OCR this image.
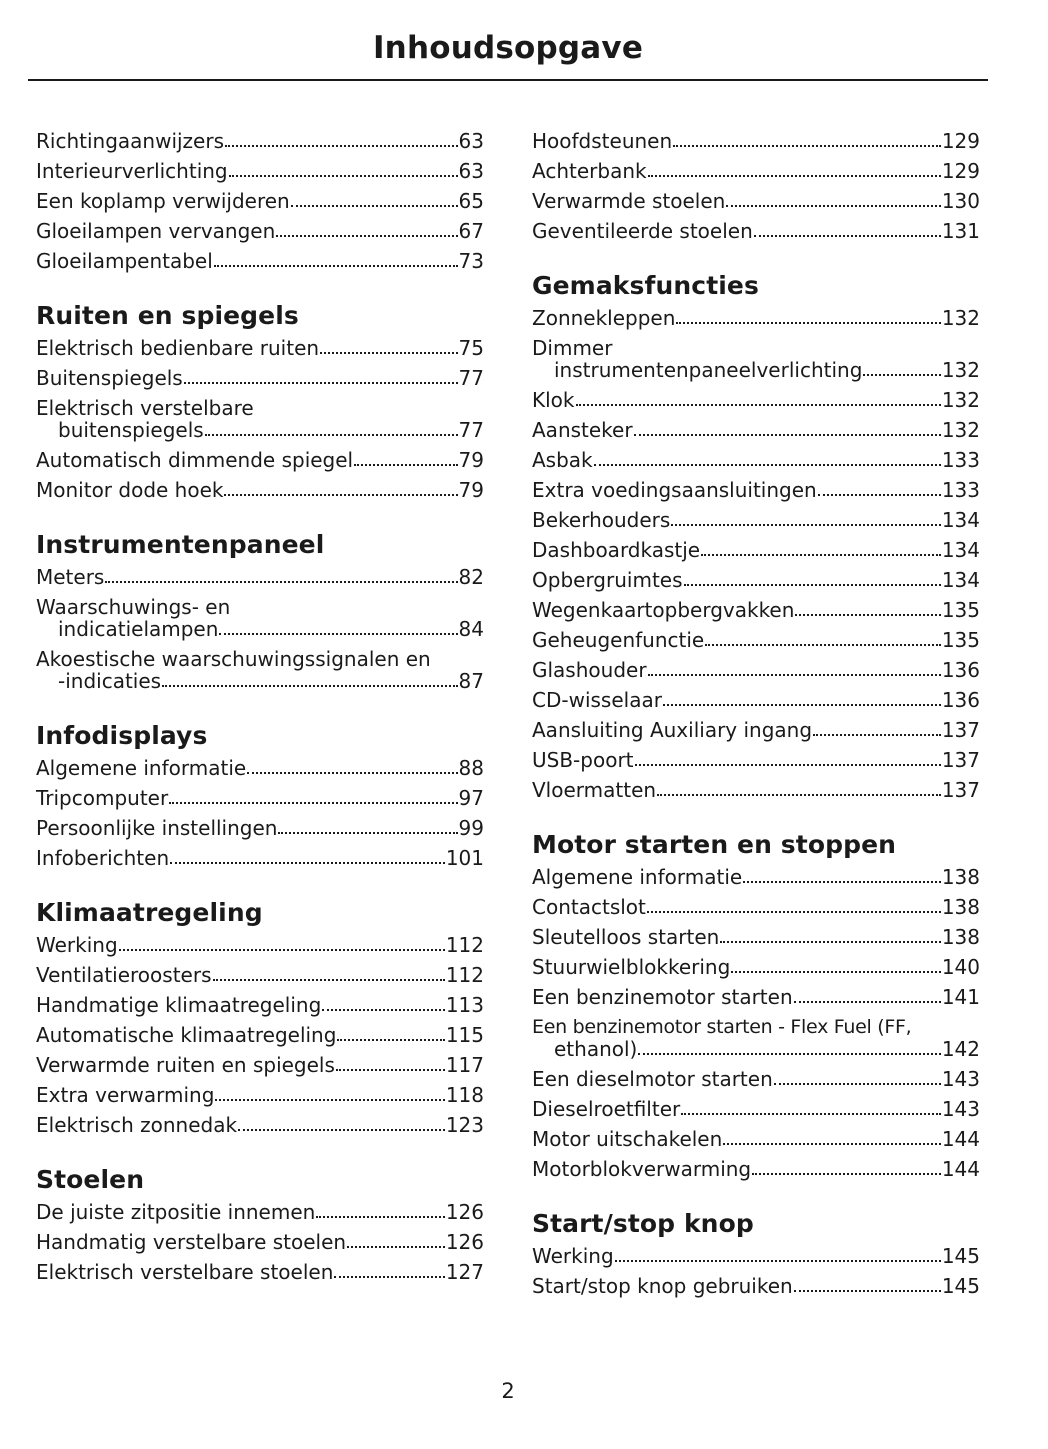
Inhoudsopgave
Richtingaanwijzers	63
Interieurverlichting	63
Een koplamp verwijderen	65
Gloeilampen vervangen	67
Gloeilampentabel	73
Ruiten en spiegels
Elektrisch bedienbare ruiten	75
Buitenspiegels	77
Elektrisch verstelbare
buitenspiegels	77
Automatisch dimmende spiegel	79
Monitor dode hoek	79
Instrumentenpaneel
Meters	82
Waarschuwings- en
indicatielampen	84
Akoestische waarschuwingssignalen en
-indicaties	87
Infodisplays
Algemene informatie	88
Tripcomputer	97
Persoonlijke instellingen	99
Infoberichten	101
Klimaatregeling
Werking	112
Ventilatieroosters	112
Handmatige klimaatregeling	113
Automatische klimaatregeling	115
Verwarmde ruiten en spiegels	117
Extra verwarming	118
Elektrisch zonnedak	123
Stoelen
De juiste zitpositie innemen	126
Handmatig verstelbare stoelen	126
Elektrisch verstelbare stoelen	127
Hoofdsteunen	129
Achterbank	129
Verwarmde stoelen	130
Geventileerde stoelen	131
Gemaksfuncties
Zonnekleppen	132
Dimmer
instrumentenpaneelverlichting	132
Klok	132
Aansteker	132
Asbak	133
Extra voedingsaansluitingen	133
Bekerhouders	134
Dashboardkastje	134
Opbergruimtes	134
Wegenkaartopbergvakken	135
Geheugenfunctie	135
Glashouder	136
CD-wisselaar	136
Aansluiting Auxiliary ingang	137
USB-poort	137
Vloermatten	137
Motor starten en stoppen
Algemene informatie	138
Contactslot	138
Sleutelloos starten	138
Stuurwielblokkering	140
Een benzinemotor starten	141
Een benzinemotor starten - Flex Fuel (FF,
ethanol)	142
Een dieselmotor starten	143
Dieselroetfilter	143
Motor uitschakelen	144
Motorblokverwarming	144
Start/stop knop
Werking	145
Start/stop knop gebruiken	145
2
